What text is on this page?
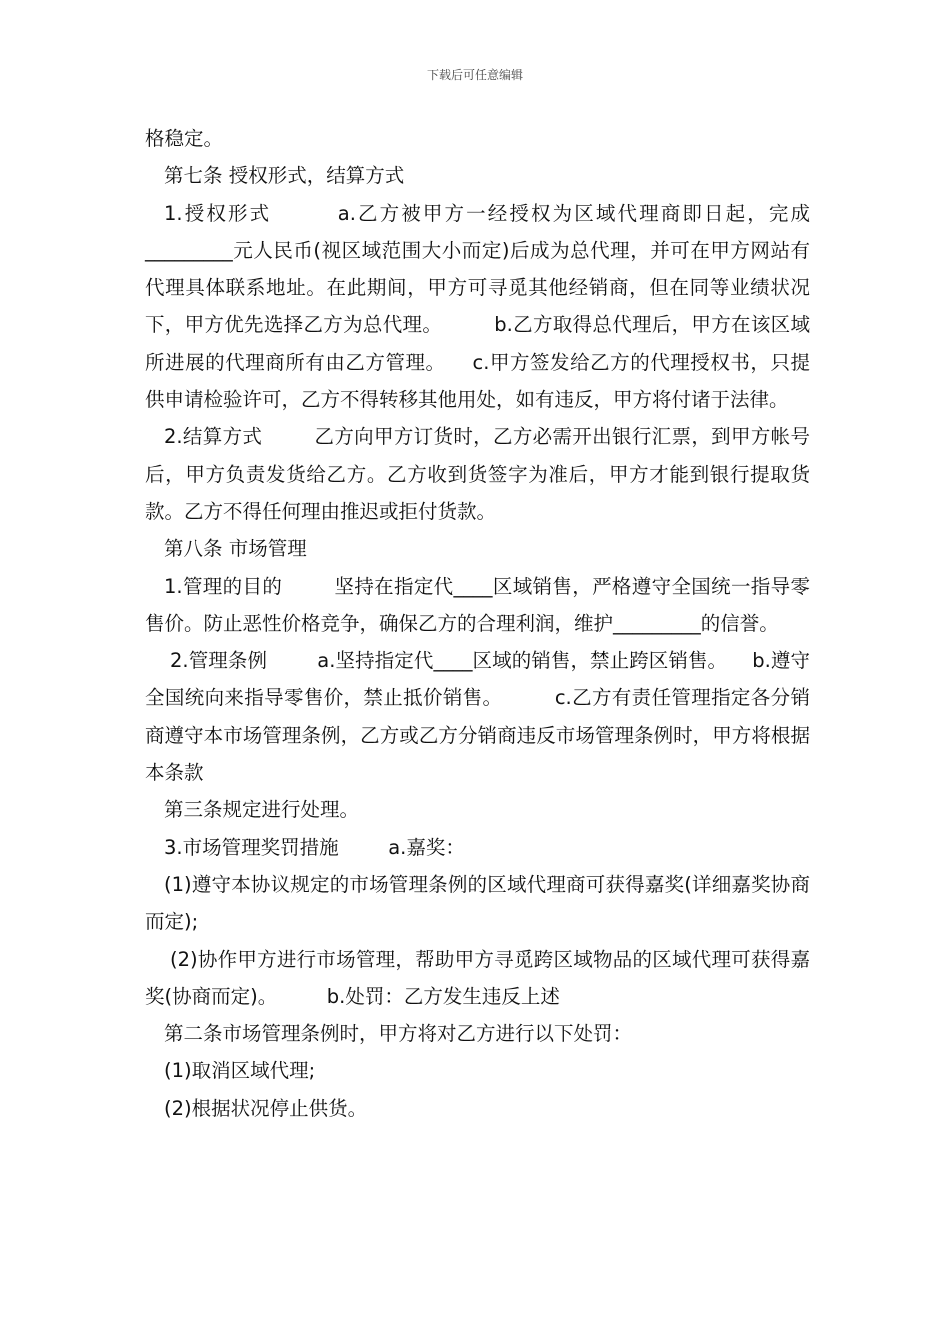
下载后可任意编辑

格稳定。

第七条 授权形式，结算方式

1.授权形式        a.乙方被甲方一经授权为区域代理商即日起，完成_________元人民币(视区域范围大小而定)后成为总代理，并可在甲方网站有代理具体联系地址。在此期间，甲方可寻觅其他经销商，但在同等业绩状况下，甲方优先选择乙方为总代理。        b.乙方取得总代理后，甲方在该区域所进展的代理商所有由乙方管理。    c.甲方签发给乙方的代理授权书，只提供申请检验许可，乙方不得转移其他用处，如有违反，甲方将付诸于法律。

2.结算方式        乙方向甲方订货时，乙方必需开出银行汇票，到甲方帐号后，甲方负责发货给乙方。乙方收到货签字为准后，甲方才能到银行提取货款。乙方不得任何理由推迟或拒付货款。

第八条 市场管理

1.管理的目的        坚持在指定代____区域销售，严格遵守全国统一指导零售价。防止恶性价格竞争，确保乙方的合理利润，维护_________的信誉。

2.管理条例        a.坚持指定代____区域的销售，禁止跨区销售。    b.遵守全国统向来指导零售价，禁止抵价销售。        c.乙方有责任管理指定各分销商遵守本市场管理条例，乙方或乙方分销商违反市场管理条例时，甲方将根据本条款

第三条规定进行处理。

3.市场管理奖罚措施        a.嘉奖：

(1)遵守本协议规定的市场管理条例的区域代理商可获得嘉奖(详细嘉奖协商而定);

(2)协作甲方进行市场管理，帮助甲方寻觅跨区域物品的区域代理可获得嘉奖(协商而定)。        b.处罚：乙方发生违反上述

第二条市场管理条例时，甲方将对乙方进行以下处罚：

(1)取消区域代理;

(2)根据状况停止供货。
